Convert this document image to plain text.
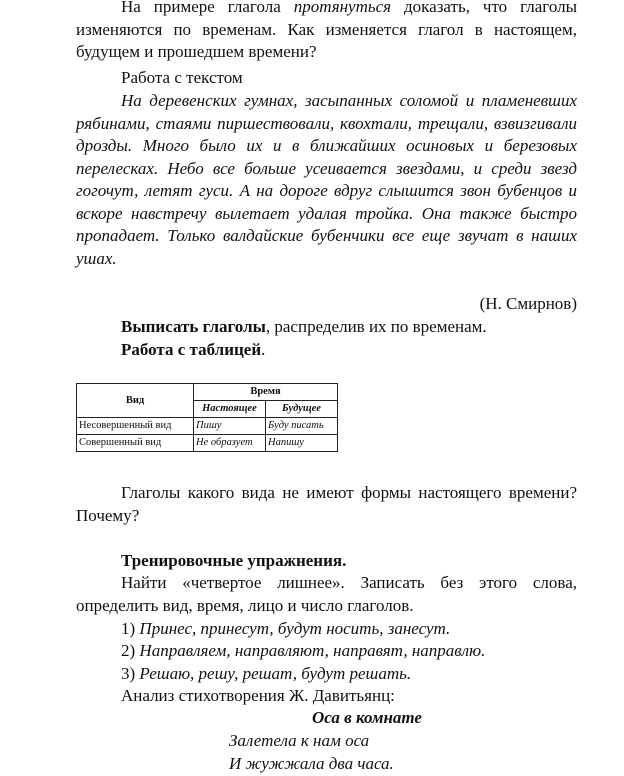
На примере глагола протянуться доказать, что глаголы изменяются по временам. Как изменяется глагол в настоящем, будущем и прошедшем времени?

Работа с текстом

На деревенских гумнах, засыпанных соломой и пламеневших рябинами, стаями пиршествовали, квохтали, трещали, взвизгивали дрозды. Много было их и в ближайших осиновых и березовых перелесках. Небо все больше усеивается звездами, и среди звезд гогочут, летят гуси. А на дороге вдруг слышится звон бубенцов и вскоре навстречу вылетает удалая тройка. Она также быстро пропадает. Только валдайские бубенчики все еще звучат в наших ушах.

(Н. Смирнов)
Выписать глаголы, распределив их по временам.
Работа с таблицей.
Вид	Время	
	Настоящее	Будущее
Несовершенный вид	Пишу	Буду писать
Совершенный вид	Не образует	Напишу

Глаголы какого вида не имеют формы настоящего времени? Почему?

Тренировочные упражнения.

Найти «четвертое лишнее». Записать без этого слова, определить вид, время, лицо и число глаголов.

1) Принес, принесут, будут носить, занесут.
2) Направляем, направляют, направят, направлю.
3) Решаю, решу, решат, будут решать.
Анализ стихотворения Ж. Давитьянц:
Оса в комнате
Залетела к нам оса
И жужжала два часа.
